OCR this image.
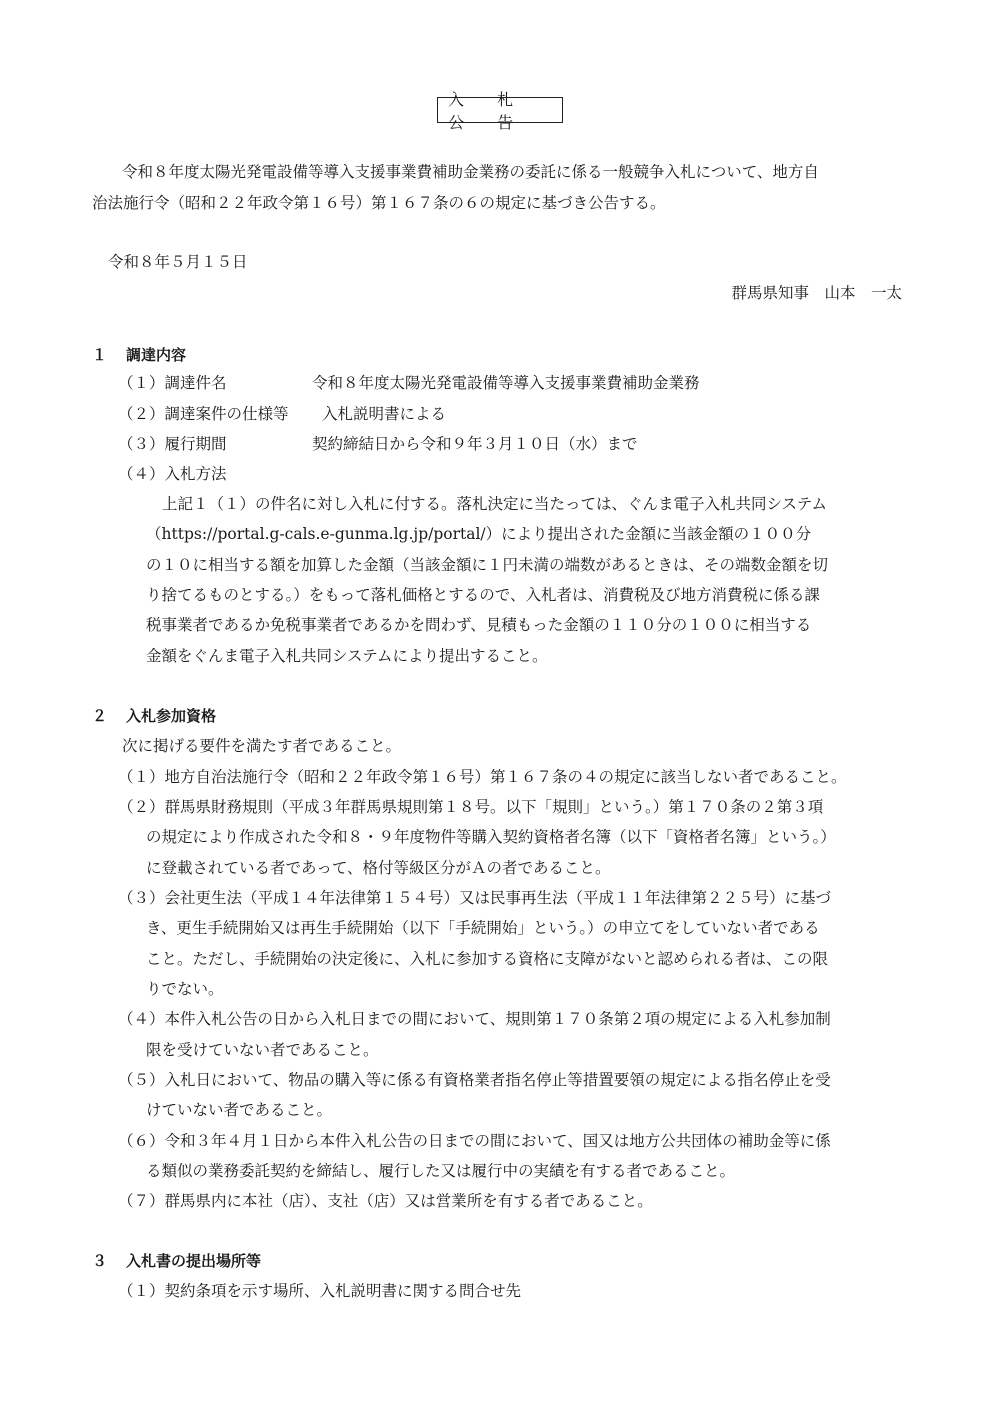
入 札 公 告
令和８年度太陽光発電設備等導入支援事業費補助金業務の委託に係る一般競争入札について、地方自
治法施行令（昭和２２年政令第１６号）第１６７条の６の規定に基づき公告する。
令和８年５月１５日
群馬県知事　山本　一太
１ 調達内容
（１）調達件名	令和８年度太陽光発電設備等導入支援事業費補助金業務
（２）調達案件の仕様等 入札説明書による
（３）履行期間	契約締結日から令和９年３月１０日（水）まで
（４）入札方法
上記１（１）の件名に対し入札に付する。落札決定に当たっては、ぐんま電子入札共同システム
（https://portal.g-cals.e-gunma.lg.jp/portal/）により提出された金額に当該金額の１００分
の１０に相当する額を加算した金額（当該金額に１円未満の端数があるときは、その端数金額を切
り捨てるものとする。）をもって落札価格とするので、入札者は、消費税及び地方消費税に係る課
税事業者であるか免税事業者であるかを問わず、見積もった金額の１１０分の１００に相当する
金額をぐんま電子入札共同システムにより提出すること。
２ 入札参加資格
次に掲げる要件を満たす者であること。
（１）地方自治法施行令（昭和２２年政令第１６号）第１６７条の４の規定に該当しない者であること。
（２）群馬県財務規則（平成３年群馬県規則第１８号。以下「規則」という。）第１７０条の２第３項
の規定により作成された令和８・９年度物件等購入契約資格者名簿（以下「資格者名簿」という。）
に登載されている者であって、格付等級区分がＡの者であること。
（３）会社更生法（平成１４年法律第１５４号）又は民事再生法（平成１１年法律第２２５号）に基づ
き、更生手続開始又は再生手続開始（以下「手続開始」という。）の申立てをしていない者である
こと。ただし、手続開始の決定後に、入札に参加する資格に支障がないと認められる者は、この限
りでない。
（４）本件入札公告の日から入札日までの間において、規則第１７０条第２項の規定による入札参加制
限を受けていない者であること。
（５）入札日において、物品の購入等に係る有資格業者指名停止等措置要領の規定による指名停止を受
けていない者であること。
（６）令和３年４月１日から本件入札公告の日までの間において、国又は地方公共団体の補助金等に係
る類似の業務委託契約を締結し、履行した又は履行中の実績を有する者であること。
（７）群馬県内に本社（店）、支社（店）又は営業所を有する者であること。
３ 入札書の提出場所等
（１）契約条項を示す場所、入札説明書に関する問合せ先
